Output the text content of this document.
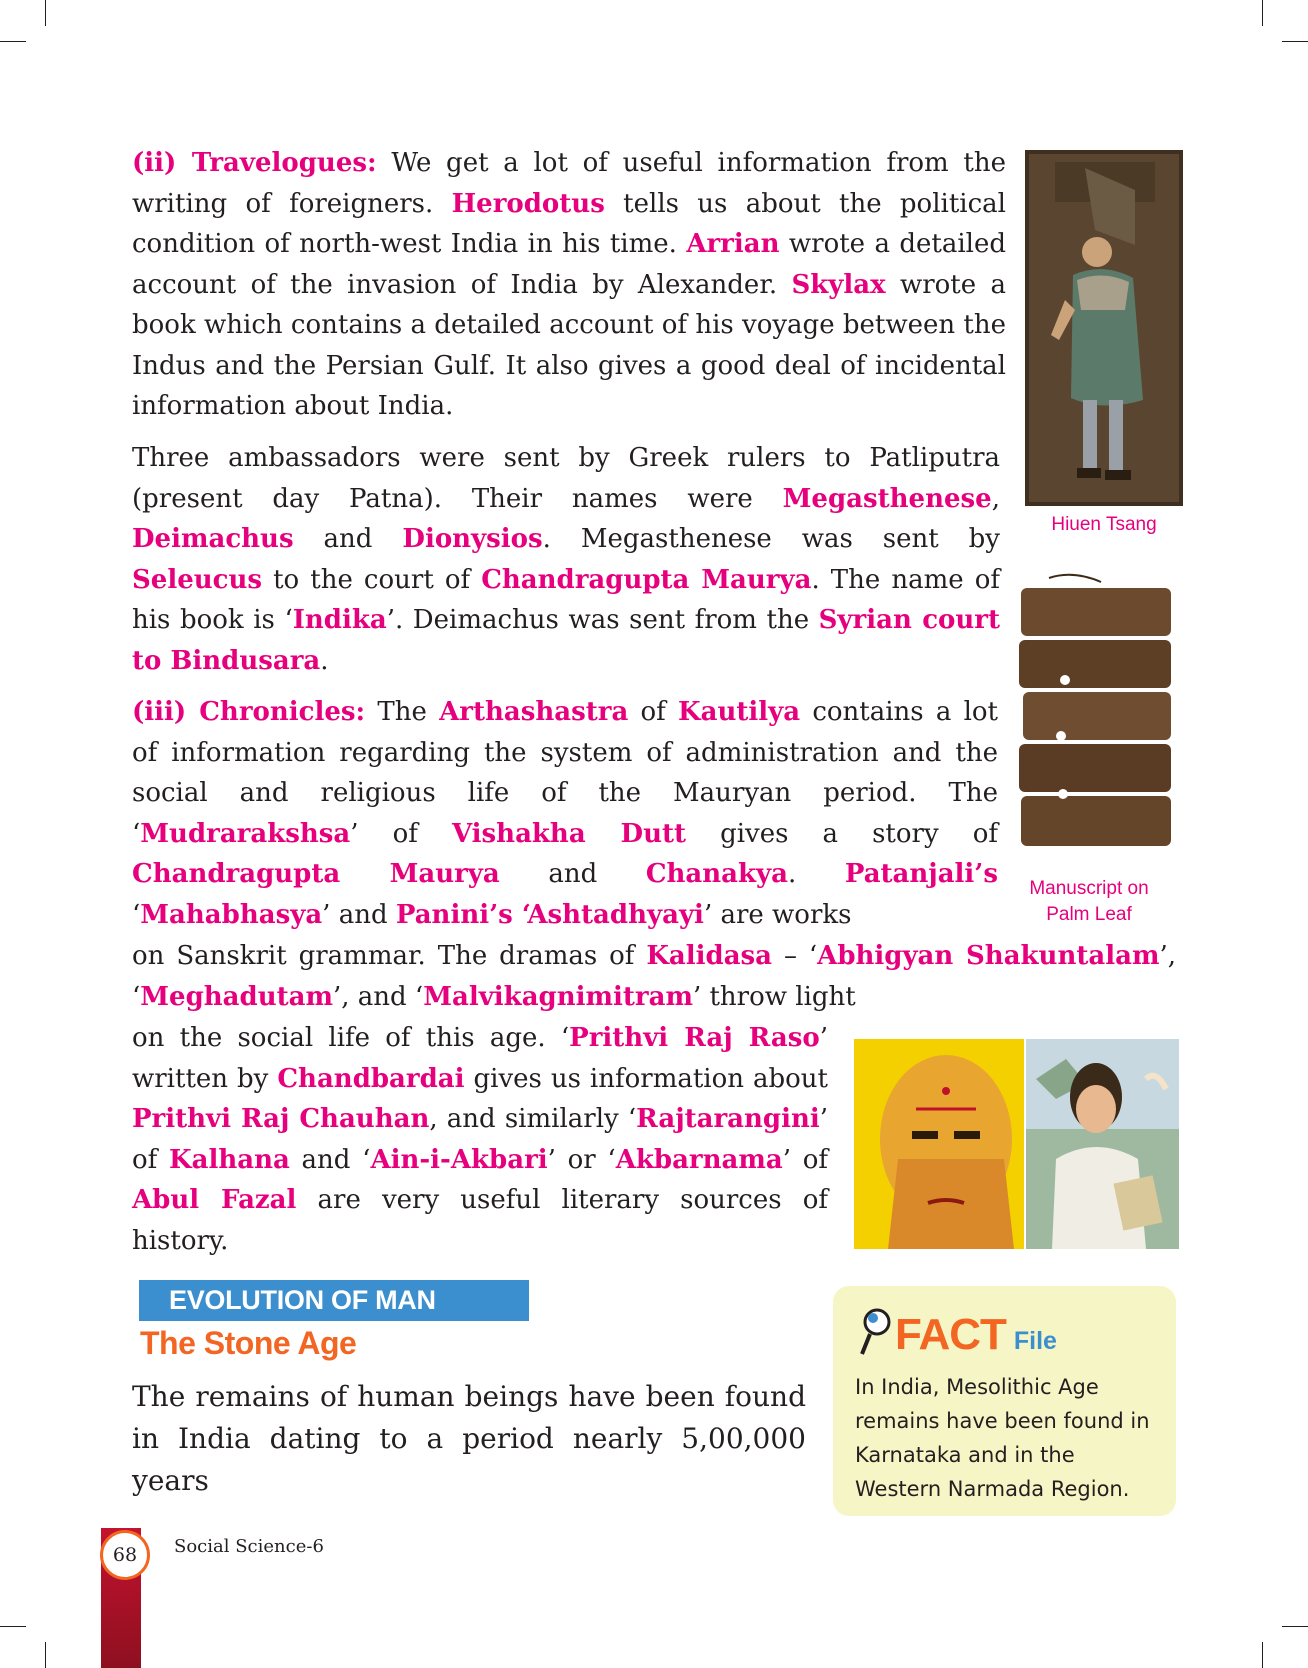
(ii) Travelogues: We get a lot of useful information from the writing of foreigners. Herodotus tells us about the political condition of north-west India in his time. Arrian wrote a detailed account of the invasion of India by Alexander. Skylax wrote a book which contains a detailed account of his voyage between the Indus and the Persian Gulf. It also gives a good deal of incidental information about India.

Three ambassadors were sent by Greek rulers to Patliputra (present day Patna). Their names were Megasthenese, Deimachus and Dionysios. Megasthenese was sent by Seleucus to the court of Chandragupta Maurya. The name of his book is ‘Indika’. Deimachus was sent from the Syrian court to Bindusara.

(iii) Chronicles: The Arthashastra of Kautilya contains a lot of information regarding the system of administration and the social and religious life of the Mauryan period. The ‘Mudrarakshsa’ of Vishakha Dutt gives a story of Chandragupta Maurya and Chanakya. Patanjali’s ‘Mahabhasya’ and Panini’s ‘Ashtadhyayi’ are works

on Sanskrit grammar. The dramas of Kalidasa – ‘Abhigyan Shakuntalam’, ‘Meghadutam’, and ‘Malvikagnimitram’ throw light

on the social life of this age. ‘Prithvi Raj Raso’ written by Chandbardai gives us information about Prithvi Raj Chauhan, and similarly ‘Rajtarangini’ of Kalhana and ‘Ain-i-Akbari’ or ‘Akbarnama’ of Abul Fazal are very useful literary sources of history.

Hiuen Tsang
Manuscript on
Palm Leaf
EVOLUTION OF MAN
The Stone Age

The remains of human beings have been found in India dating to a period nearly 5,00,000 years

FACT File
In India, Mesolithic Age remains have been found in Karnataka and in the Western Narmada Region.
68	Social Science-6
